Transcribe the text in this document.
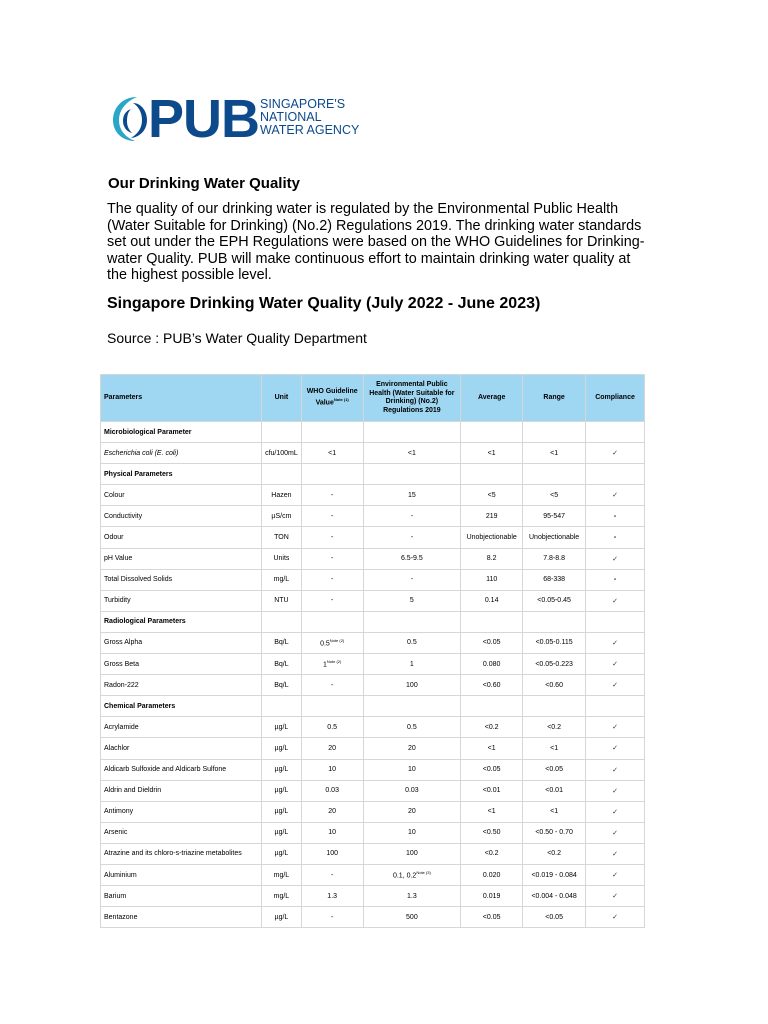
PUB SINGAPORE'S
NATIONAL
WATER AGENCY
Our Drinking Water Quality
The quality of our drinking water is regulated by the Environmental Public Health (Water Suitable for Drinking) (No.2) Regulations 2019. The drinking water standards set out under the EPH Regulations were based on the WHO Guidelines for Drinking-water Quality. PUB will make continuous effort to maintain drinking water quality at the highest possible level.
Singapore Drinking Water Quality (July 2022 - June 2023)
Source : PUB’s Water Quality Department
Parameters	Unit	WHO Guideline Value$^{Note (1)}$	Environmental Public Health (Water Suitable for Drinking) (No.2) Regulations 2019	Average	Range	Compliance
Microbiological Parameter						
Escherichia coli (E. coli)	cfu/100mL	<1	<1	<1	<1	✓
Physical Parameters						
Colour	Hazen	-	15	<5	<5	✓
Conductivity	µS/cm	-	-	219	95-547	-
Odour	TON	-	-	Unobjectionable	Unobjectionable	-
pH Value	Units	-	6.5-9.5	8.2	7.8-8.8	✓
Total Dissolved Solids	mg/L	-	-	110	68-338	-
Turbidity	NTU	-	5	0.14	<0.05-0.45	✓
Radiological Parameters						
Gross Alpha	Bq/L	$0.5^{Note (2)}$	0.5	<0.05	<0.05-0.115	✓
Gross Beta	Bq/L	$1^{Note (2)}$	1	0.080	<0.05-0.223	✓
Radon-222	Bq/L	-	100	<0.60	<0.60	✓
Chemical Parameters						
Acrylamide	µg/L	0.5	0.5	<0.2	<0.2	✓
Alachlor	µg/L	20	20	<1	<1	✓
Aldicarb Sulfoxide and Aldicarb Sulfone	µg/L	10	10	<0.05	<0.05	✓
Aldrin and Dieldrin	µg/L	0.03	0.03	<0.01	<0.01	✓
Antimony	µg/L	20	20	<1	<1	✓
Arsenic	µg/L	10	10	<0.50	<0.50 - 0.70	✓
Atrazine and its chloro-s-triazine metabolites	µg/L	100	100	<0.2	<0.2	✓
Aluminium	mg/L	-	0.1, $0.2^{Note (3)}$	0.020	<0.019 - 0.084	✓
Barium	mg/L	1.3	1.3	0.019	<0.004 - 0.048	✓
Bentazone	µg/L	-	500	<0.05	<0.05	✓
